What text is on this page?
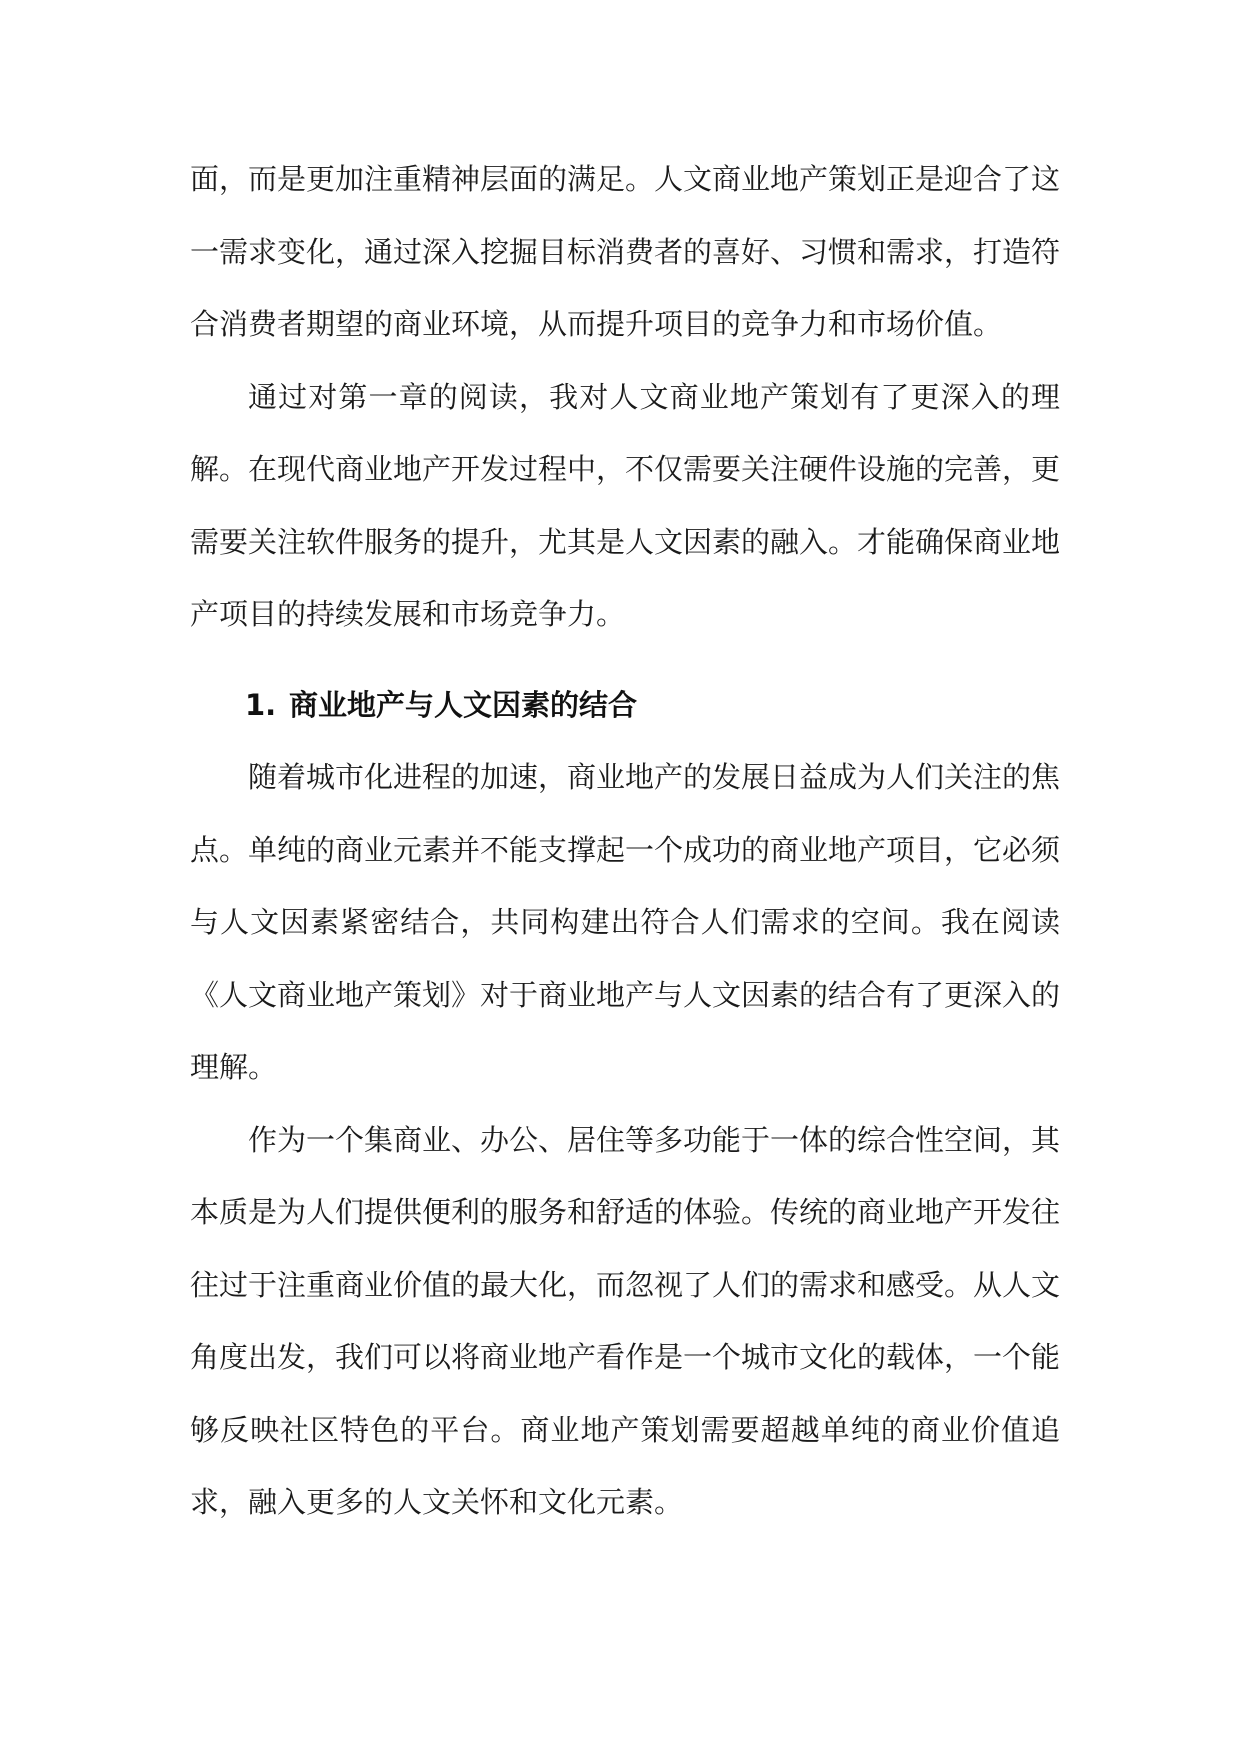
面，而是更加注重精神层面的满足。人文商业地产策划正是迎合了这一需求变化，通过深入挖掘目标消费者的喜好、习惯和需求，打造符合消费者期望的商业环境，从而提升项目的竞争力和市场价值。

通过对第一章的阅读，我对人文商业地产策划有了更深入的理解。在现代商业地产开发过程中，不仅需要关注硬件设施的完善，更需要关注软件服务的提升，尤其是人文因素的融入。才能确保商业地产项目的持续发展和市场竞争力。

1. 商业地产与人文因素的结合

随着城市化进程的加速，商业地产的发展日益成为人们关注的焦点。单纯的商业元素并不能支撑起一个成功的商业地产项目，它必须与人文因素紧密结合，共同构建出符合人们需求的空间。我在阅读《人文商业地产策划》对于商业地产与人文因素的结合有了更深入的理解。

作为一个集商业、办公、居住等多功能于一体的综合性空间，其本质是为人们提供便利的服务和舒适的体验。传统的商业地产开发往往过于注重商业价值的最大化，而忽视了人们的需求和感受。从人文角度出发，我们可以将商业地产看作是一个城市文化的载体，一个能够反映社区特色的平台。商业地产策划需要超越单纯的商业价值追求，融入更多的人文关怀和文化元素。
